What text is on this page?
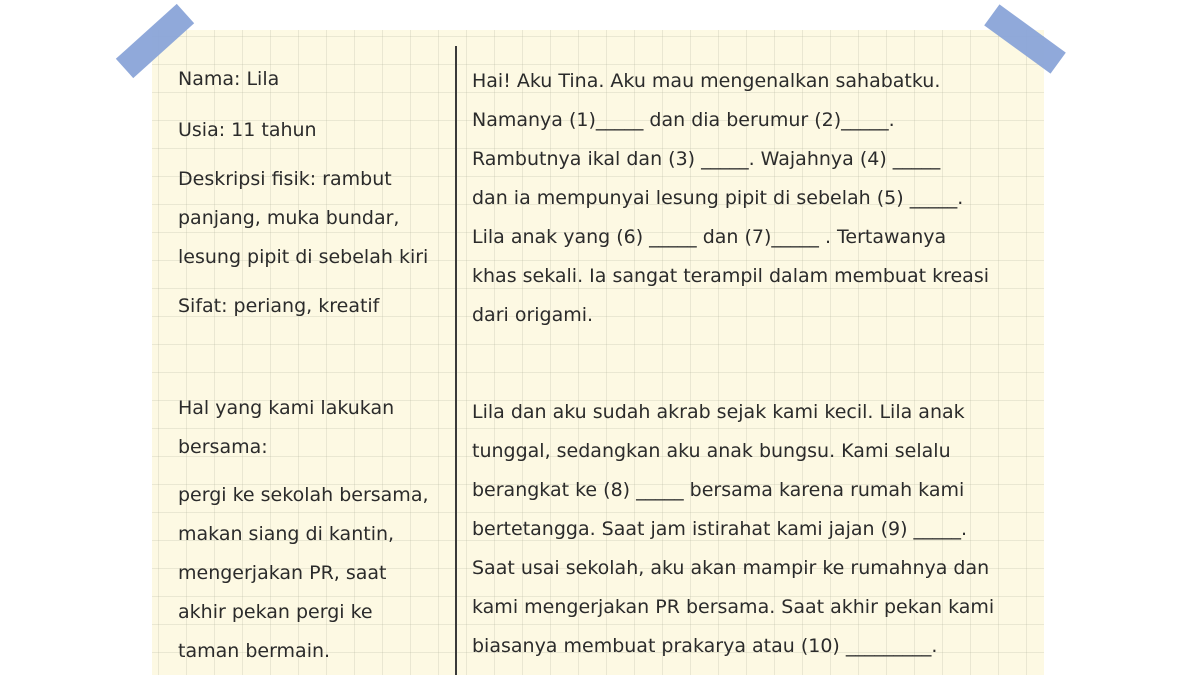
Nama: Lila

Usia: 11 tahun

Deskripsi fisik: rambut

panjang, muka bundar,

lesung pipit di sebelah kiri

Sifat: periang, kreatif

Hal yang kami lakukan

bersama:

pergi ke sekolah bersama,

makan siang di kantin,

mengerjakan PR, saat

akhir pekan pergi ke

taman bermain.

Hai! Aku Tina. Aku mau mengenalkan sahabatku.

Namanya (1)_____ dan dia berumur (2)_____.

Rambutnya ikal dan (3) _____. Wajahnya (4) _____

dan ia mempunyai lesung pipit di sebelah (5) _____.

Lila anak yang (6) _____ dan (7)_____ . Tertawanya

khas sekali. Ia sangat terampil dalam membuat kreasi

dari origami.

Lila dan aku sudah akrab sejak kami kecil. Lila anak

tunggal, sedangkan aku anak bungsu. Kami selalu

berangkat ke (8) _____ bersama karena rumah kami

bertetangga. Saat jam istirahat kami jajan (9) _____.

Saat usai sekolah, aku akan mampir ke rumahnya dan

kami mengerjakan PR bersama. Saat akhir pekan kami

biasanya membuat prakarya atau (10) _________.
